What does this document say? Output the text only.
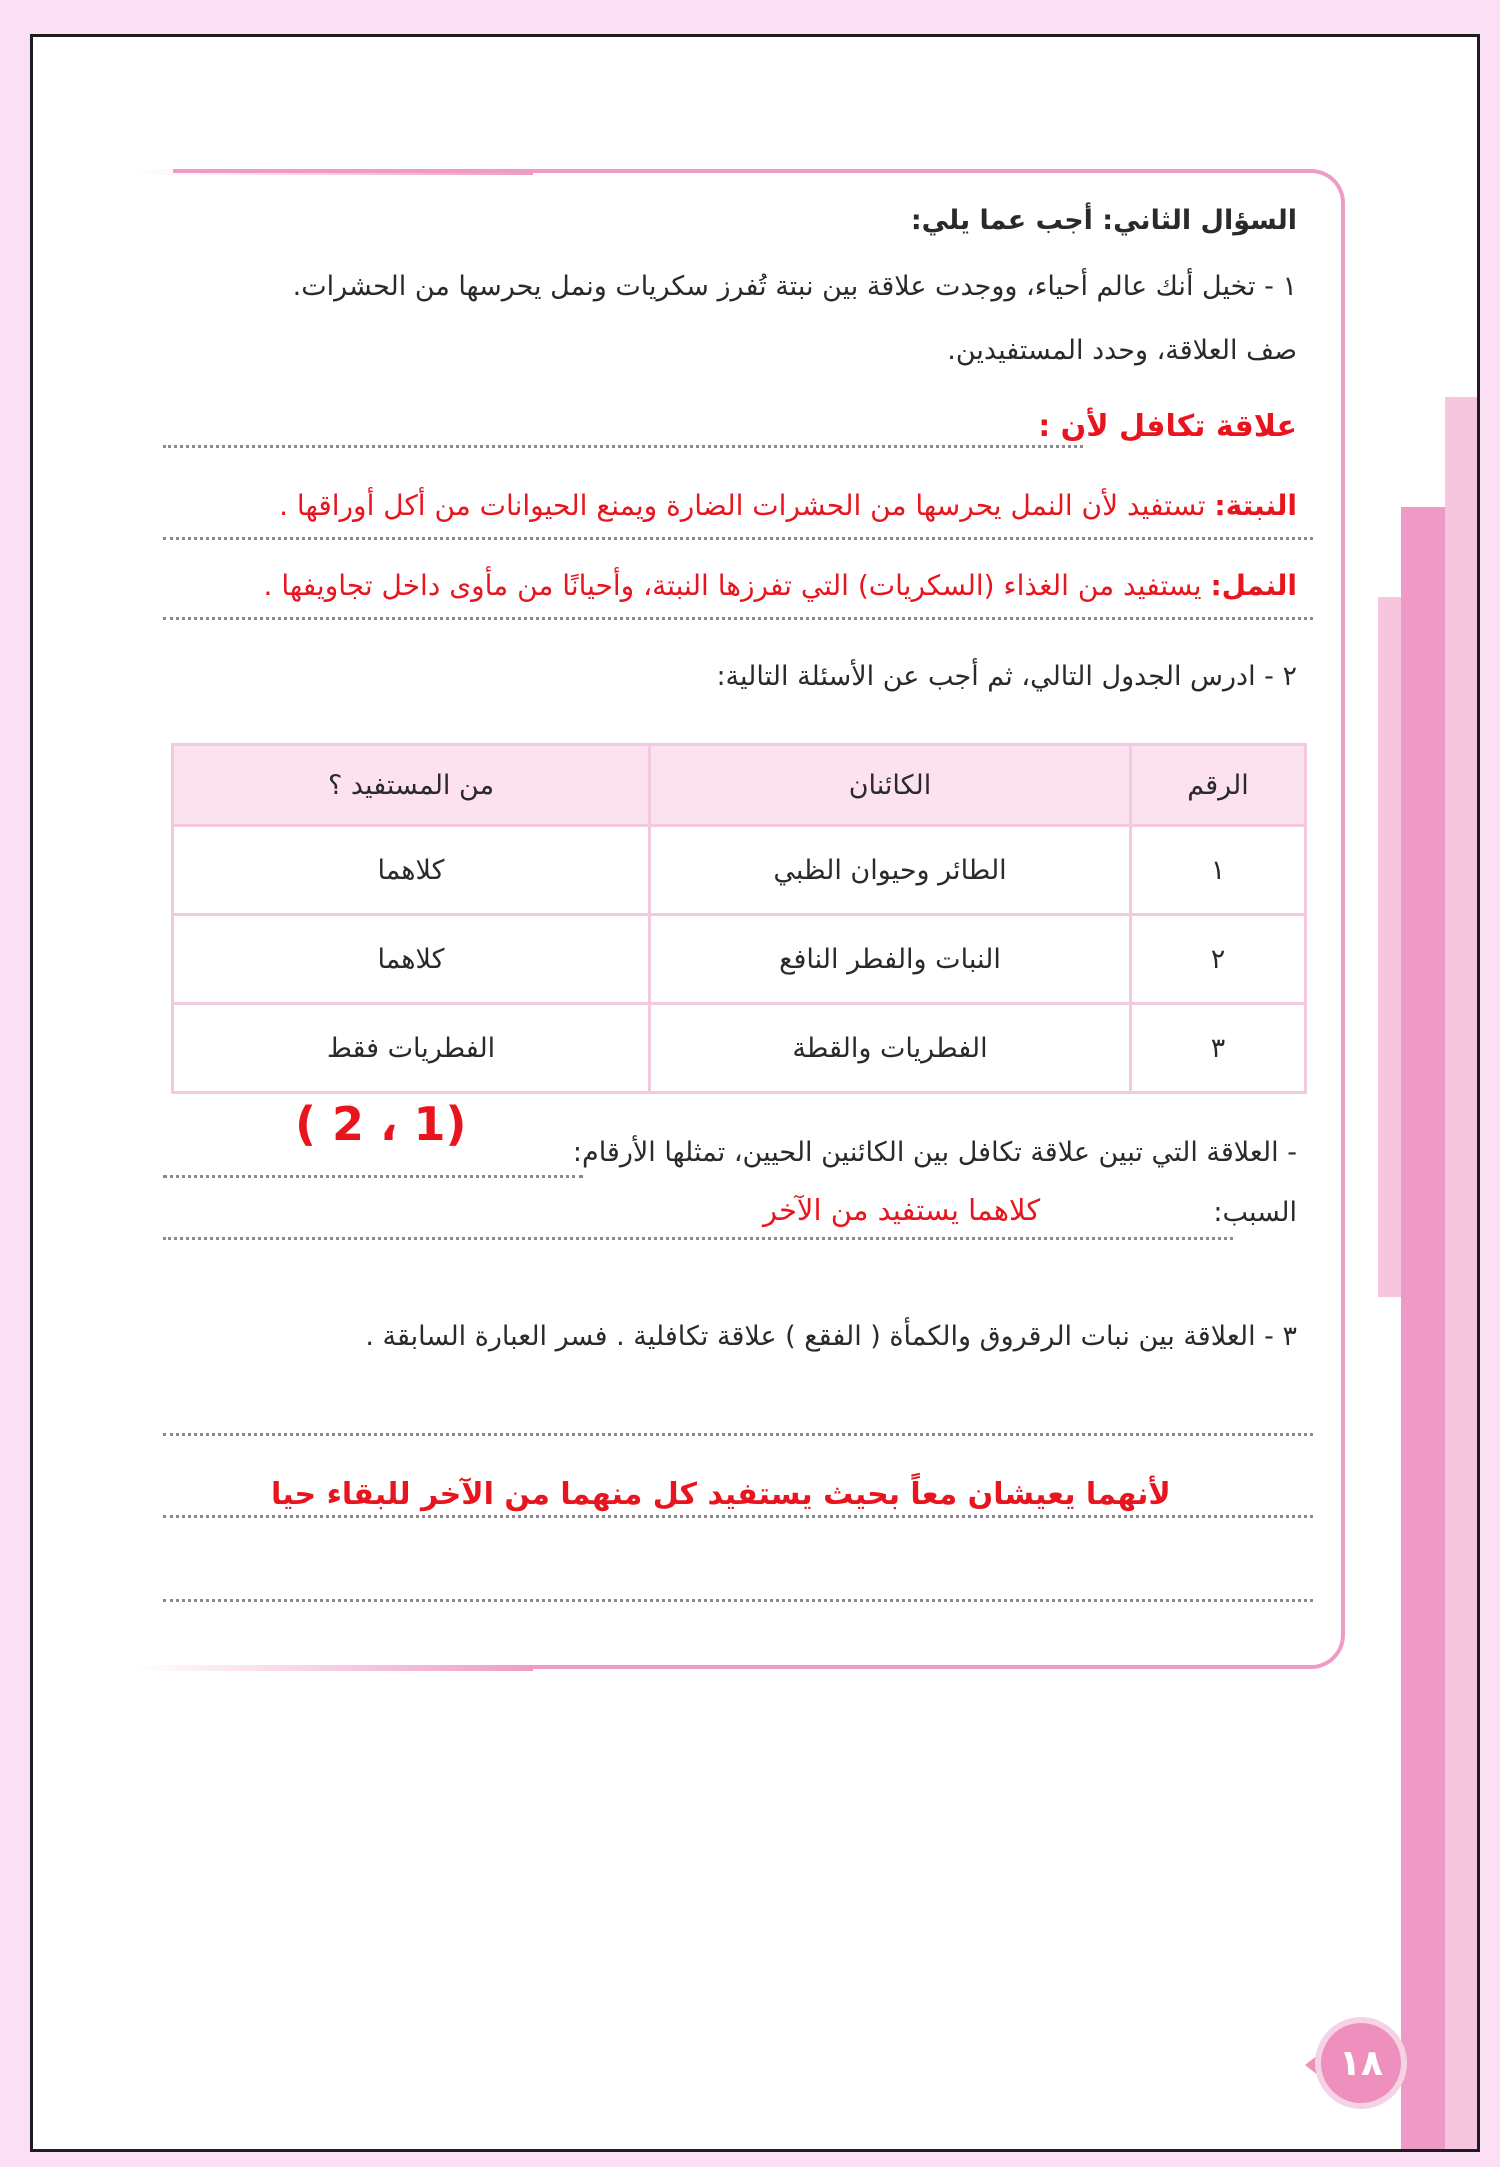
السؤال الثاني: أجب عما يلي:
١ - تخيل أنك عالم أحياء، ووجدت علاقة بين نبتة تُفرز سكريات ونمل يحرسها من الحشرات.
صف العلاقة، وحدد المستفيدين.
علاقة تكافل لأن :
النبتة: تستفيد لأن النمل يحرسها من الحشرات الضارة ويمنع الحيوانات من أكل أوراقها .
النمل: يستفيد من الغذاء (السكريات) التي تفرزها النبتة، وأحيانًا من مأوى داخل تجاويفها .
٢ - ادرس الجدول التالي، ثم أجب عن الأسئلة التالية:
الرقم	الكائنان	من المستفيد ؟
١	الطائر وحيوان الظبي	كلاهما
٢	النبات والفطر النافع	كلاهما
٣	الفطريات والقطة	الفطريات فقط
- العلاقة التي تبين علاقة تكافل بين الكائنين الحيين، تمثلها الأرقام:
( 2 ، 1)
السبب:
كلاهما يستفيد من الآخر
٣ - العلاقة بين نبات الرقروق والكمأة ( الفقع ) علاقة تكافلية . فسر العبارة السابقة .
لأنهما يعيشان معاً بحيث يستفيد كل منهما من الآخر للبقاء حيا
١٨
